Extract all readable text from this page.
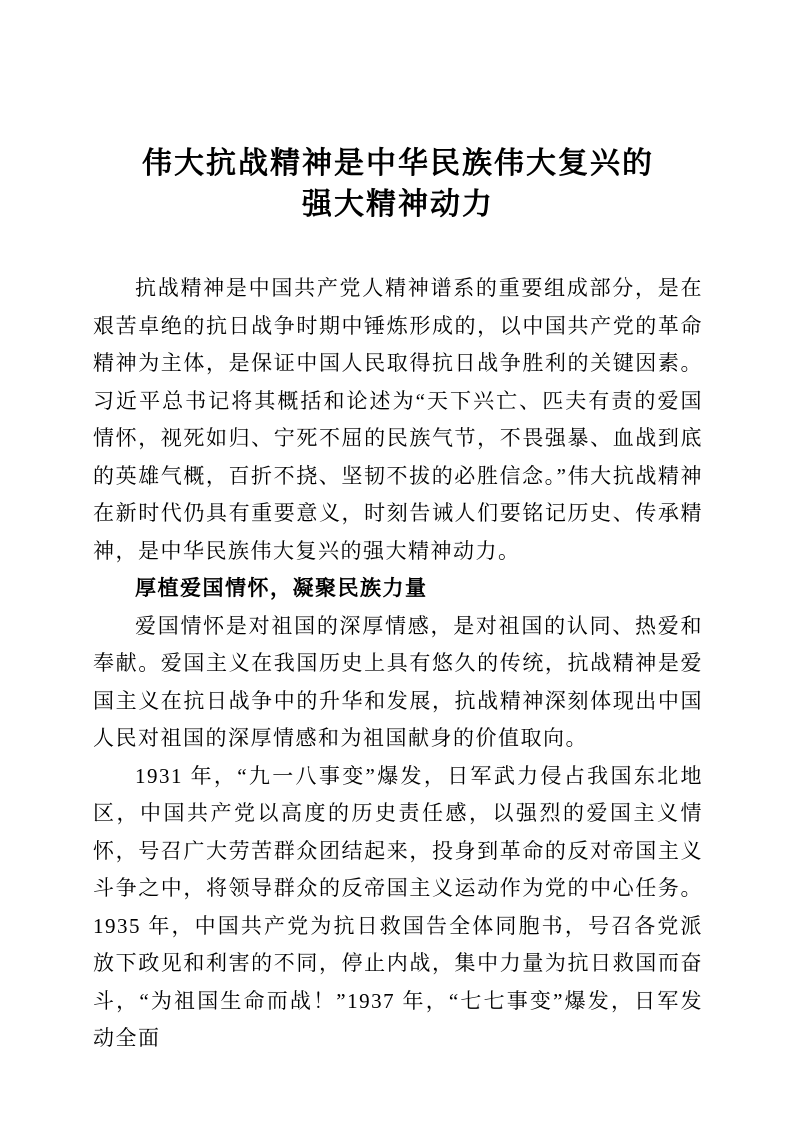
伟大抗战精神是中华民族伟大复兴的
强大精神动力

抗战精神是中国共产党人精神谱系的重要组成部分，是在艰苦卓绝的抗日战争时期中锤炼形成的，以中国共产党的革命精神为主体，是保证中国人民取得抗日战争胜利的关键因素。习近平总书记将其概括和论述为“天下兴亡、匹夫有责的爱国情怀，视死如归、宁死不屈的民族气节，不畏强暴、血战到底的英雄气概，百折不挠、坚韧不拔的必胜信念。”伟大抗战精神在新时代仍具有重要意义，时刻告诫人们要铭记历史、传承精神，是中华民族伟大复兴的强大精神动力。

厚植爱国情怀，凝聚民族力量

爱国情怀是对祖国的深厚情感，是对祖国的认同、热爱和奉献。爱国主义在我国历史上具有悠久的传统，抗战精神是爱国主义在抗日战争中的升华和发展，抗战精神深刻体现出中国人民对祖国的深厚情感和为祖国献身的价值取向。

1931 年，“九一八事变”爆发，日军武力侵占我国东北地区，中国共产党以高度的历史责任感，以强烈的爱国主义情怀，号召广大劳苦群众团结起来，投身到革命的反对帝国主义斗争之中，将领导群众的反帝国主义运动作为党的中心任务。1935 年，中国共产党为抗日救国告全体同胞书，号召各党派放下政见和利害的不同，停止内战，集中力量为抗日救国而奋斗，“为祖国生命而战！”1937 年，“七七事变”爆发，日军发动全面
